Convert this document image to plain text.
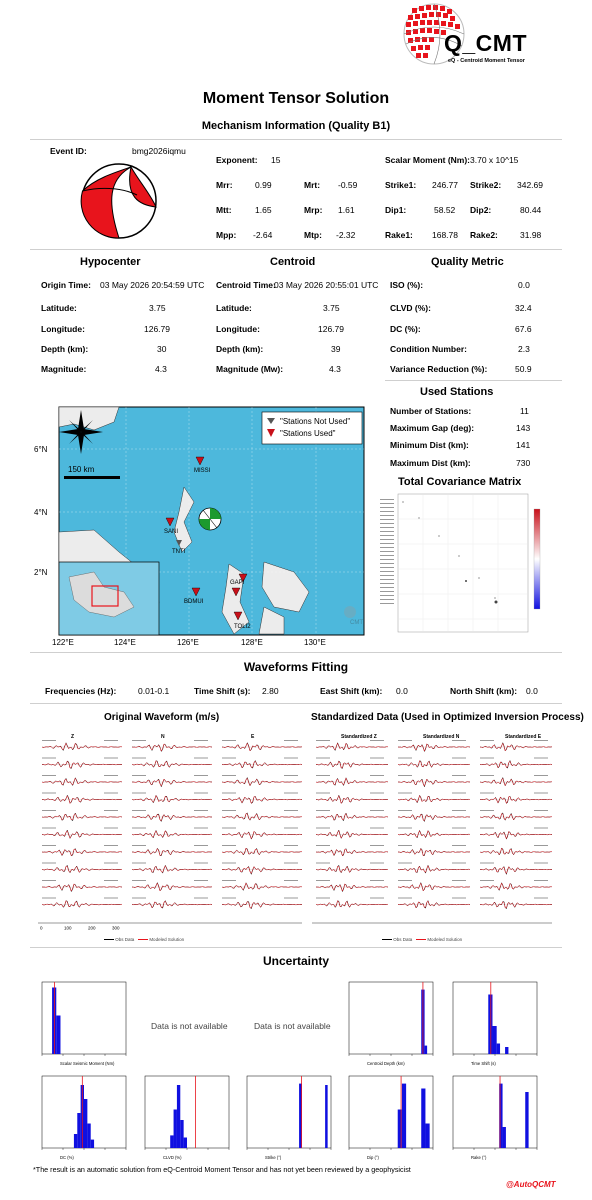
Q_CMT
eQ - Centroid Moment Tensor
Moment Tensor Solution
Mechanism Information (Quality B1)
Event ID:	bmg2026iqmu
Exponent: 15
Mrr:	0.99	Mrt: -0.59
Mtt:	1.65	Mrp: 1.61
Mpp: -2.64	Mtp: -2.32
Scalar Moment (Nm): 3.70 x 10^15
Strike1: 246.77 Strike2: 342.69
Dip1:	58.52 Dip2:	80.44
Rake1: 168.78 Rake2:	31.98
Hypocenter	Centroid	Quality Metric
Origin Time: 03 May 2026 20:54:59 UTC
Latitude:	3.75
Longitude:	126.79
Depth (km):	30
Magnitude:	4.3
Centroid Time:
03 May 2026 20:55:01 UTC
Latitude:	3.75
Longitude:	126.79
Depth (km):	39
Magnitude (Mw):	4.3
ISO (%):	0.0
CLVD (%):	32.4
DC (%):	67.6
Condition Number:	2.3
Variance Reduction (%):	50.9
150 km
"Stations Not Used"
"Stations Used"
MISSI
SANI
TNTI
BDMUI
GAPI
TOLI2
6°N
4°N
2°N
122°E	124°E	126°E	128°E	130°E
CMT
Used Stations
Number of Stations:	11
Maximum Gap (deg):	143
Minimum Dist (km):	141
Maximum Dist (km):	730
Total Covariance Matrix
Waveforms Fitting
Frequencies (Hz):	0.01-0.1	Time Shift (s): 2.80	East Shift (km): 0.0	North Shift (km): 0.0
Original Waveform (m/s)	Standardized Data (Used in Optimized Inversion Process)
Z	N	E
0	100	200	300
Standardized Z	Standardized N	Standardized E
Obs Data	Modeled Solution	Obs Data	Modeled Solution
Uncertainty
Scalar Seismic Moment (Nm)
Data is not available	Data is not available
Centroid Depth (km)	Time Shift (s)
DC (%)	CLVD (%)	Strike (°)	Dip (°)	Rake (°)
*The result is an automatic solution from eQ-Centroid Moment Tensor and has not yet been reviewed by a geophysicist
@AutoQCMT
